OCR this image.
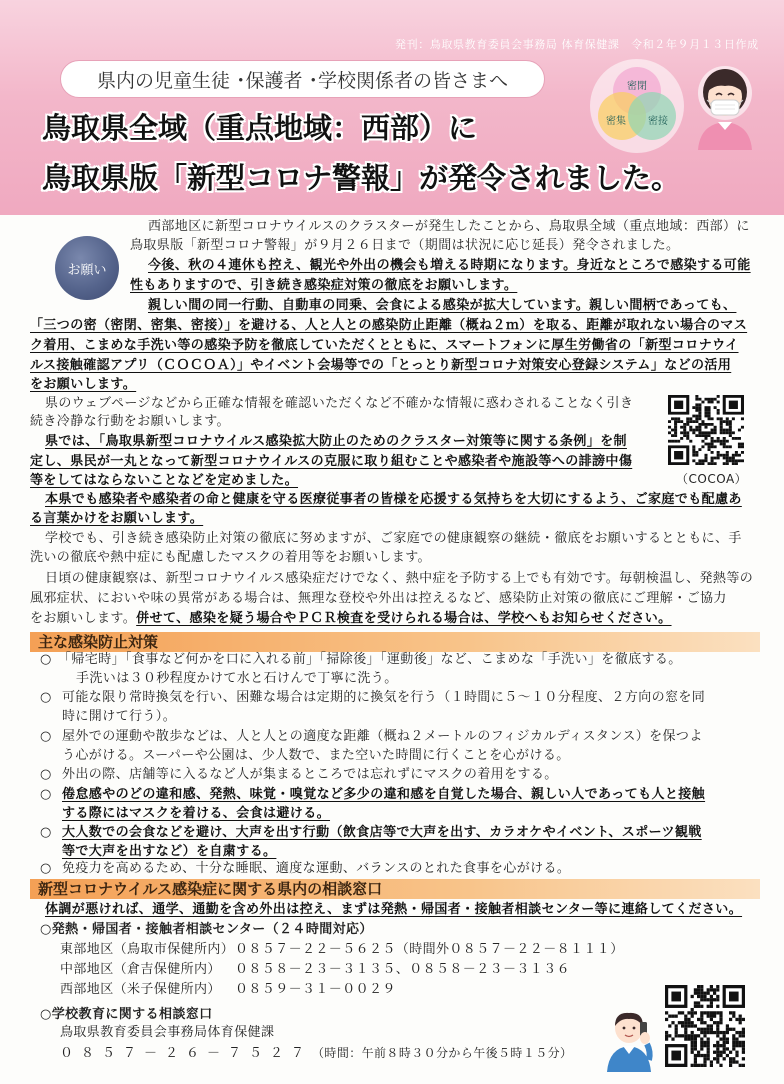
発刊：鳥取県教育委員会事務局 体育保健課　令和２年９月１３日作成
県内の児童生徒 ･保護者 ･学校関係者の皆さまへ
鳥取県全域（重点地域：西部）に
鳥取県版「新型コロナ警報」が発令されました。
密閉
密集 密接
お願い
西部地区に新型コロナウイルスのクラスターが発生したことから、鳥取県全域（重点地域：西部）に
鳥取県版「新型コロナ警報」が９月２６日まで（期間は状況に応じ延長）発令されました。
今後、秋の４連休も控え、観光や外出の機会も増える時期になります。身近なところで感染する可能
性もありますので、引き続き感染症対策の徹底をお願いします。
親しい間の同一行動、自動車の同乗、会食による感染が拡大しています。親しい間柄であっても、
「三つの密（密閉、密集、密接）」を避ける、人と人との感染防止距離（概ね２ｍ）を取る、距離が取れない場合のマス
ク着用、こまめな手洗い等の感染予防を徹底していただくとともに、スマートフォンに厚生労働省の「新型コロナウイ
ルス接触確認アプリ（ＣＯＣＯＡ）」やイベント会場等での「とっとり新型コロナ対策安心登録システム」などの活用
をお願いします。
県のウェブページなどから正確な情報を確認いただくなど不確かな情報に惑わされることなく引き
続き冷静な行動をお願いします。
県では、「鳥取県新型コロナウイルス感染拡大防止のためのクラスター対策等に関する条例」を制
定し、県民が一丸となって新型コロナウイルスの克服に取り組むことや感染者や施設等への誹謗中傷
等をしてはならないことなどを定めました。
本県でも感染者や感染者の命と健康を守る医療従事者の皆様を応援する気持ちを大切にするよう、ご家庭でも配慮あ
る言葉かけをお願いします。
学校でも、引き続き感染防止対策の徹底に努めますが、ご家庭での健康観察の継続・徹底をお願いするとともに、手
洗いの徹底や熱中症にも配慮したマスクの着用等をお願いします。
日頃の健康観察は、新型コロナウイルス感染症だけでなく、熱中症を予防する上でも有効です。毎朝検温し、発熱等の
風邪症状、においや味の異常がある場合は、無理な登校や外出は控えるなど、感染防止対策の徹底にご理解・ご協力
をお願いします。併せて、感染を疑う場合やＰＣＲ検査を受けられる場合は、学校へもお知らせください。
（COCOA）
主な感染防止対策
○ 「帰宅時」「食事など何かを口に入れる前」「掃除後」「運動後」など、こまめな「手洗い」を徹底する。
手洗いは３０秒程度かけて水と石けんで丁寧に洗う。
○ 可能な限り常時換気を行い、困難な場合は定期的に換気を行う（１時間に５～１０分程度、２方向の窓を同
時に開けて行う）。
○ 屋外での運動や散歩などは、人と人との適度な距離（概ね２メートルのフィジカルディスタンス）を保つよ
う心がける。スーパーや公園は、少人数で、また空いた時間に行くことを心がける。
○ 外出の際、店舗等に入るなど人が集まるところでは忘れずにマスクの着用をする。
○ 倦怠感やのどの違和感、発熱、味覚・嗅覚など多少の違和感を自覚した場合、親しい人であっても人と接触
する際にはマスクを着ける、会食は避ける。
○ 大人数での会食などを避け、大声を出す行動（飲食店等で大声を出す、カラオケやイベント、スポーツ観戦
等で大声を出すなど）を自粛する。
○ 免疫力を高めるため、十分な睡眠、適度な運動、バランスのとれた食事を心がける。
新型コロナウイルス感染症に関する県内の相談窓口
体調が悪ければ、通学、通勤を含め外出は控え、まずは発熱・帰国者・接触者相談センター等に連絡してください。
○発熱・帰国者・接触者相談センター（２４時間対応）
東部地区（鳥取市保健所内） ０８５７－２２－５６２５（時間外０８５７－２２－８１１１）
中部地区（倉吉保健所内） ０８５８－２３－３１３５、０８５８－２３－３１３６
西部地区（米子保健所内） ０８５９－３１－００２９
○学校教育に関する相談窓口
鳥取県教育委員会事務局体育保健課
０８５７－２６－７５２７（時間：午前８時３０分から午後５時１５分）
